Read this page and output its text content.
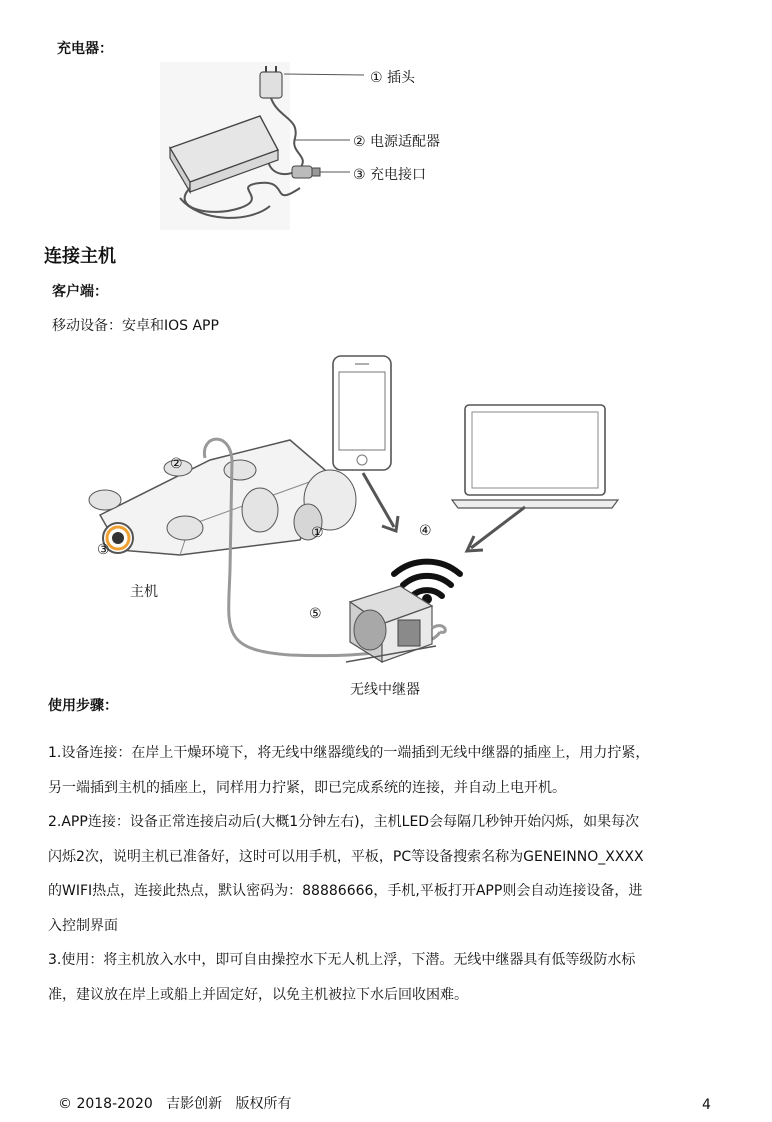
充电器：
① 插头
② 电源适配器
③ 充电接口
连接主机
客户端：
移动设备：安卓和IOS APP
②
③
①	④
⑤
主机
无线中继器
使用步骤：

1.设备连接：在岸上干燥环境下，将无线中继器缆线的一端插到无线中继器的插座上，用力拧紧，

另一端插到主机的插座上，同样用力拧紧，即已完成系统的连接，并自动上电开机。

2.APP连接：设备正常连接启动后(大概1分钟左右)，主机LED会每隔几秒钟开始闪烁，如果每次

闪烁2次，说明主机已准备好，这时可以用手机，平板，PC等设备搜索名称为GENEINNO_XXXX

的WIFI热点，连接此热点，默认密码为：88886666，手机,平板打开APP则会自动连接设备，进

入控制界面

3.使用：将主机放入水中，即可自由操控水下无人机上浮，下潜。无线中继器具有低等级防水标

准，建议放在岸上或船上并固定好，以免主机被拉下水后回收困难。

© 2018-2020   吉影创新   版权所有	4
